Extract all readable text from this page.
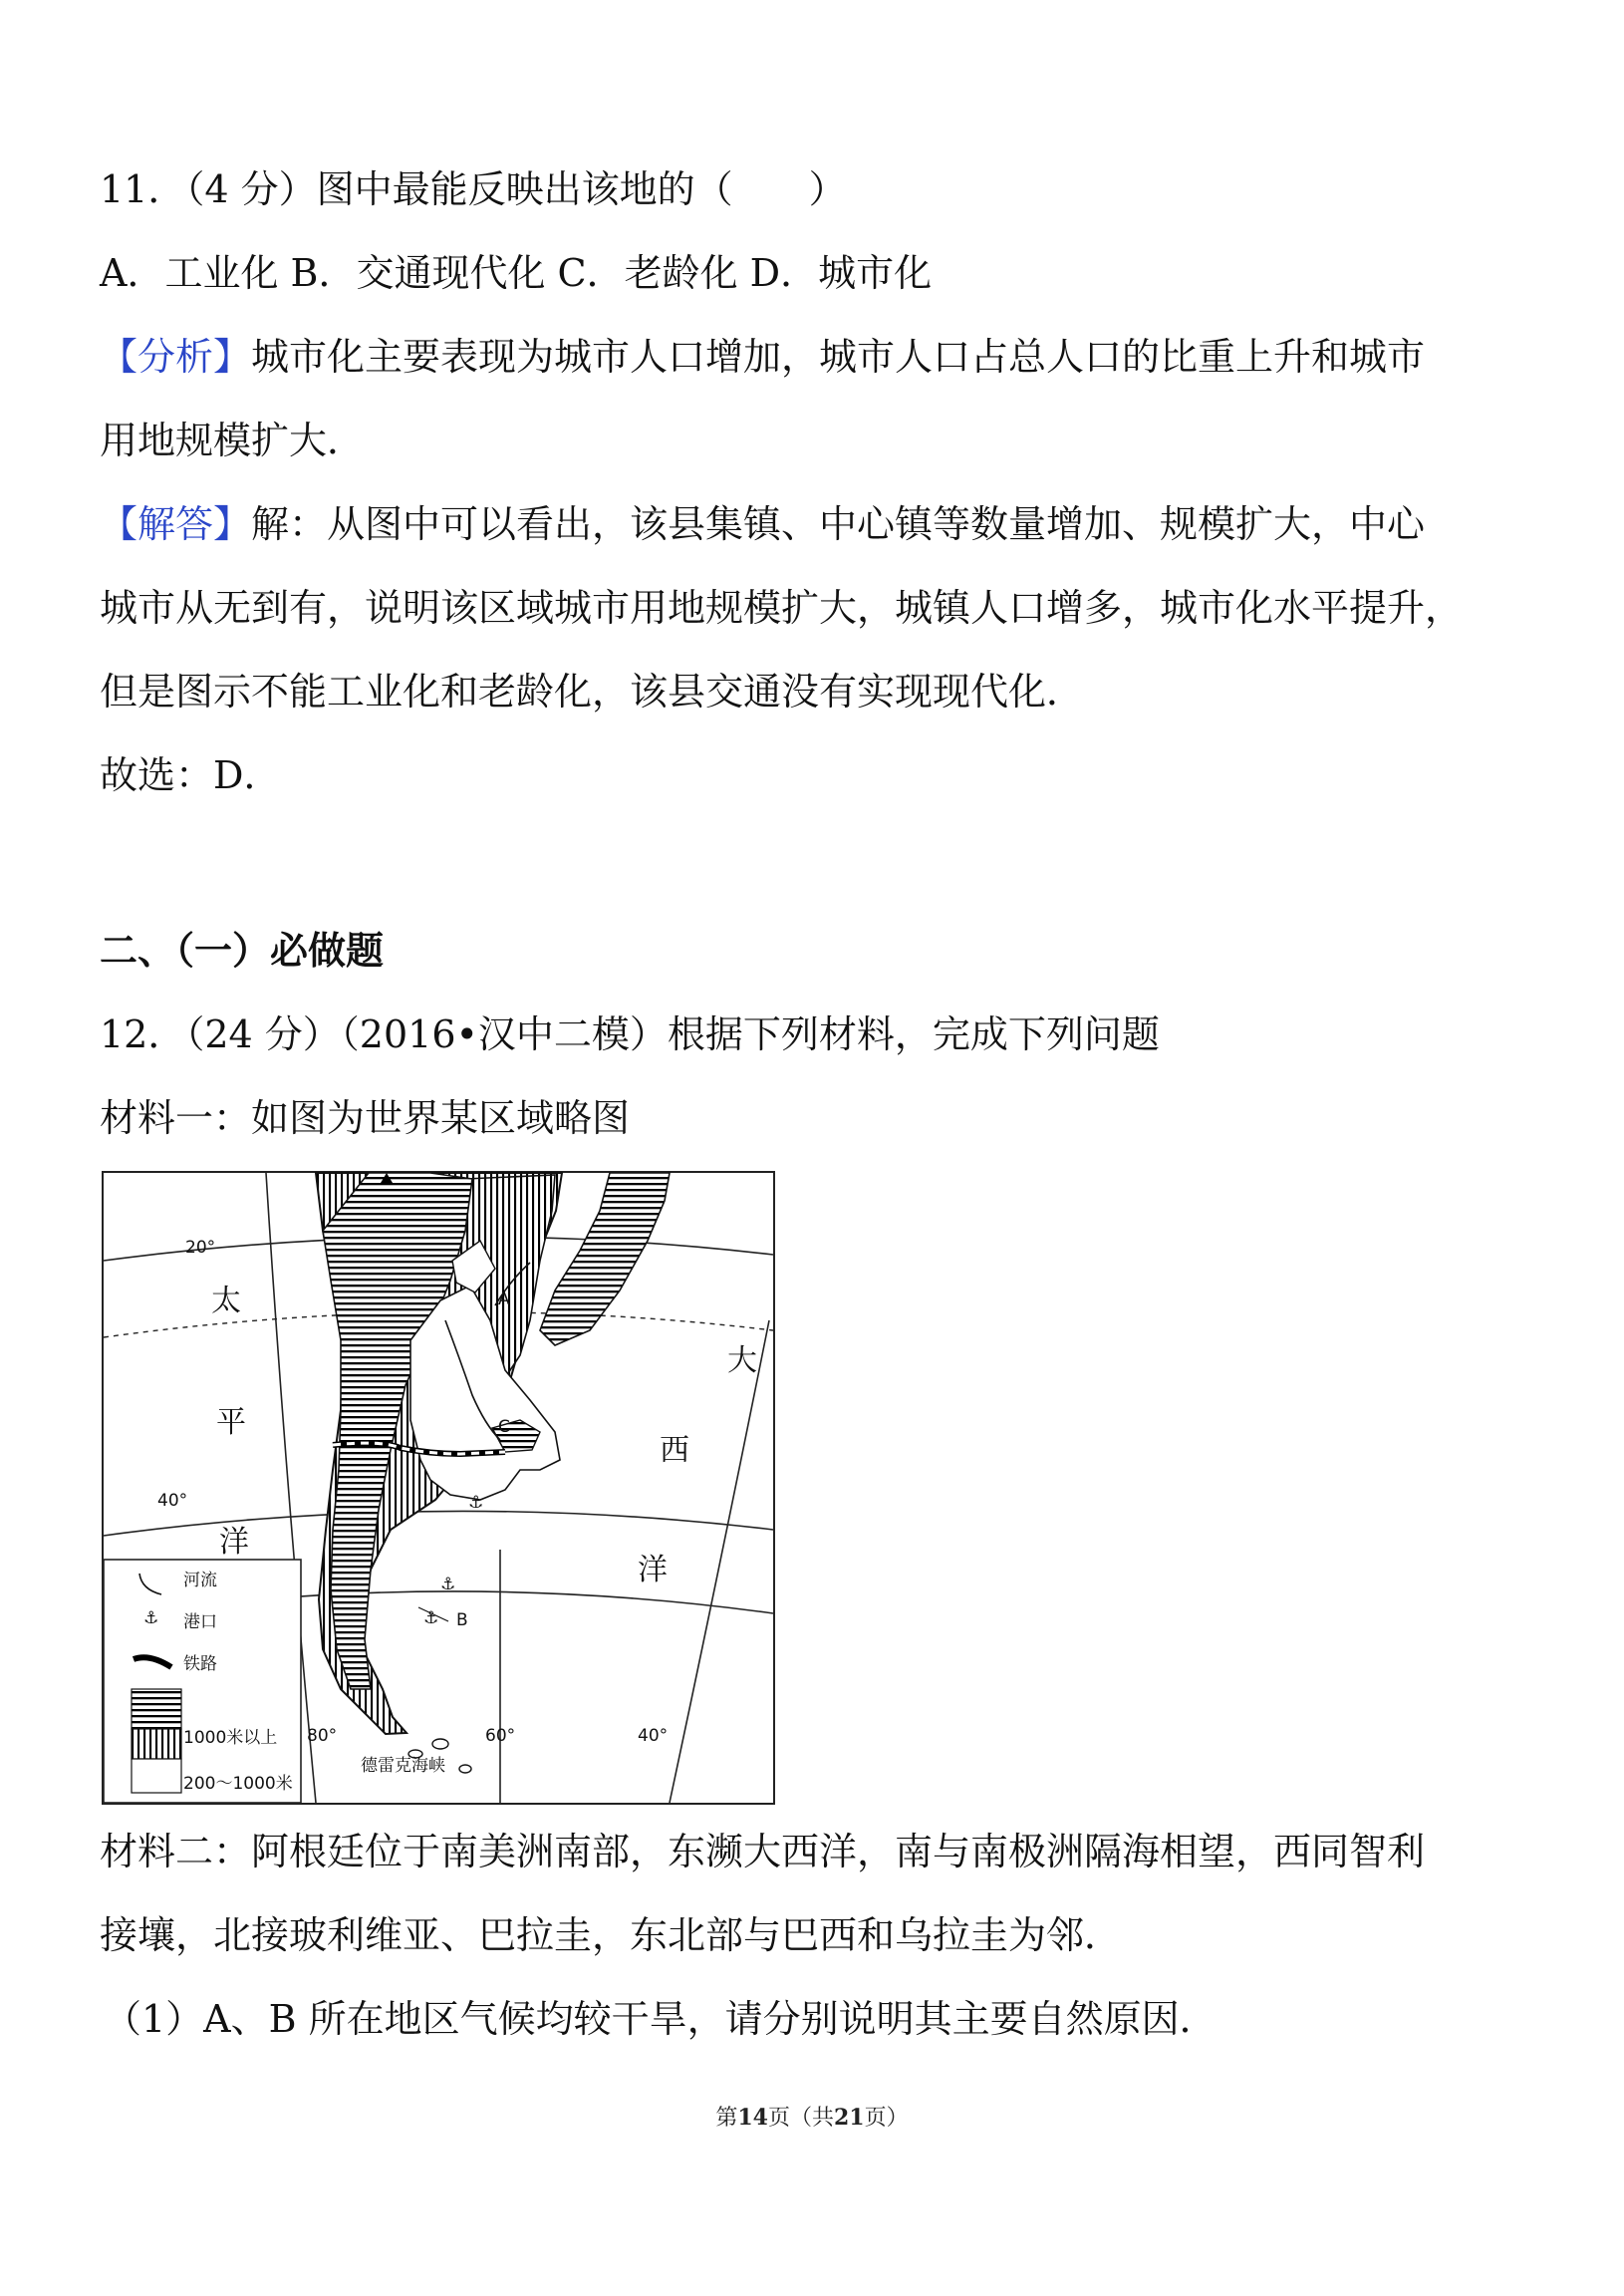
11．（4 分）图中最能反映出该地的（　　）
A．工业化 B．交通现代化 C．老龄化 D．城市化
【分析】城市化主要表现为城市人口增加，城市人口占总人口的比重上升和城市
用地规模扩大．
【解答】解：从图中可以看出，该县集镇、中心镇等数量增加、规模扩大，中心
城市从无到有，说明该区域城市用地规模扩大，城镇人口增多，城市化水平提升，
但是图示不能工业化和老龄化，该县交通没有实现现代化．
故选：D．
二、（一）必做题
12．（24 分）（2016•汉中二模）根据下列材料，完成下列问题
材料一：如图为世界某区域略图
⚓
⚓
⚓
20°
40°
80°	60°	40°
太
平
洋
大
西
洋
A
B
C
德雷克海峡
河流
⚓ 港口
铁路
1000米以上
200～1000米
材料二：阿根廷位于南美洲南部，东濒大西洋，南与南极洲隔海相望，西同智利
接壤，北接玻利维亚、巴拉圭，东北部与巴西和乌拉圭为邻．
（1）A、B 所在地区气候均较干旱，请分别说明其主要自然原因．
第14页（共21页）
